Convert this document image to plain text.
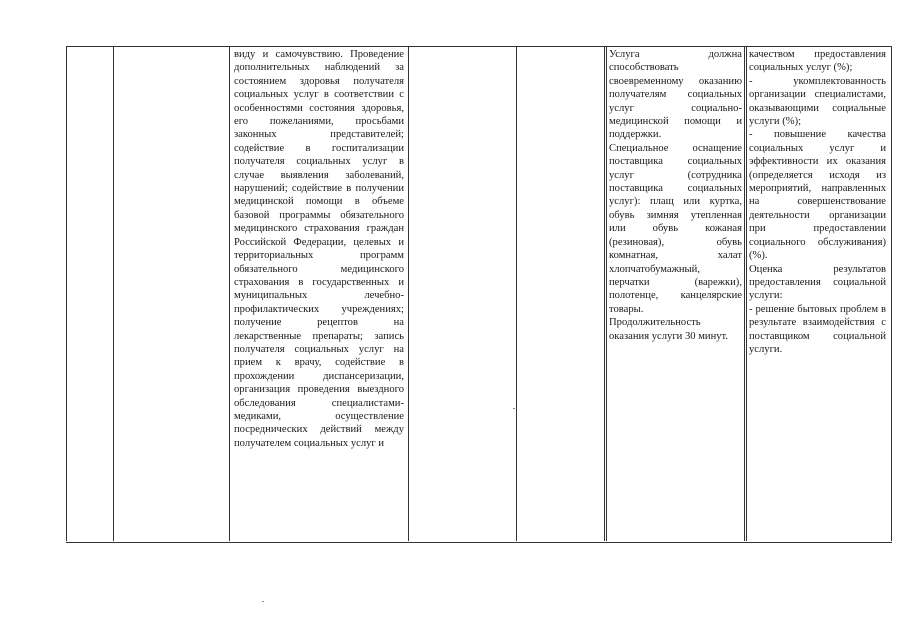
виду и самочувствию. Проведение дополнительных наблюдений за состоянием здоровья получателя социальных услуг в соответствии с особенностями состояния здоровья, его пожеланиями, просьбами законных представителей; содействие в госпитализации получателя социальных услуг в случае выявления заболеваний, нарушений; содействие в получении медицинской помощи в объеме базовой программы обязательного медицинского страхования граждан Российской Федерации, целевых и территориальных программ обязательного медицинского страхования в государственных и муниципальных лечебно-профилактических учреждениях; получение рецептов на лекарственные препараты; запись получателя социальных услуг на прием к врачу, содействие в прохождении диспансеризации, организация проведения выездного обследования специалистами-медиками, осуществление посреднических действий между получателем социальных услуг и

Услуга должна способствовать своевременному оказанию получателям социальных услуг социально-медицинской помощи и поддержки.

Специальное оснащение поставщика социальных услуг (сотрудника поставщика социальных услуг): плащ или куртка, обувь зимняя утепленная или обувь кожаная (резиновая), обувь комнатная, халат хлопчатобумажный, перчатки (варежки), полотенце, канцелярские товары.

Продолжительность оказания услуги 30 минут.

качеством предоставления социальных услуг (%);

- укомплектованность организации специалистами, оказывающими социальные услуги (%);

- повышение качества социальных услуг и эффективности их оказания (определяется исходя из мероприятий, направленных на совершенствование деятельности организации при предоставлении социального обслуживания) (%).

Оценка результатов предоставления социальной услуги:

- решение бытовых проблем в результате взаимодействия с поставщиком социальной услуги.
